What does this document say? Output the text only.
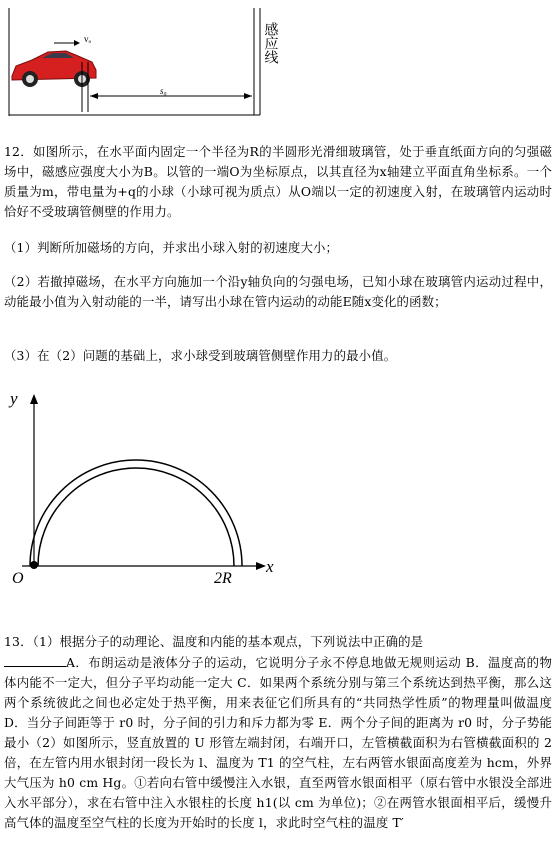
感应线
vₒ
s₀

12．如图所示，在水平面内固定一个半径为R的半圆形光滑细玻璃管，处于垂直纸面方向的匀强磁场中，磁感应强度大小为B。以管的一端O为坐标原点，以其直径为x轴建立平面直角坐标系。一个质量为m，带电量为+q的小球（小球可视为质点）从O端以一定的初速度入射，在玻璃管内运动时恰好不受玻璃管侧壁的作用力。

（1）判断所加磁场的方向，并求出小球入射的初速度大小；

（2）若撤掉磁场，在水平方向施加一个沿y轴负向的匀强电场，已知小球在玻璃管内运动过程中，动能最小值为入射动能的一半，请写出小球在管内运动的动能E随x变化的函数；

（3）在（2）问题的基础上，求小球受到玻璃管侧壁作用力的最小值。

y
x
O	2R

13．（1）根据分子的动理论、温度和内能的基本观点，下列说法中正确的是
A．布朗运动是液体分子的运动，它说明分子永不停息地做无规则运动 B．温度高的物体内能不一定大，但分子平均动能一定大 C．如果两个系统分别与第三个系统达到热平衡，那么这两个系统彼此之间也必定处于热平衡，用来表征它们所具有的“共同热学性质”的物理量叫做温度 D．当分子间距等于 r0 时，分子间的引力和斥力都为零 E．两个分子间的距离为 r0 时，分子势能最小（2）如图所示，竖直放置的 U 形管左端封闭，右端开口，左管横截面积为右管横截面积的 2 倍，在左管内用水银封闭一段长为 l、温度为 T1 的空气柱，左右两管水银面高度差为 hcm，外界大气压为 h0 cm Hg。①若向右管中缓慢注入水银，直至两管水银面相平（原右管中水银没全部进入水平部分），求在右管中注入水银柱的长度 h1(以 cm 为单位)；②在两管水银面相平后，缓慢升高气体的温度至空气柱的长度为开始时的长度 l，求此时空气柱的温度 T′
